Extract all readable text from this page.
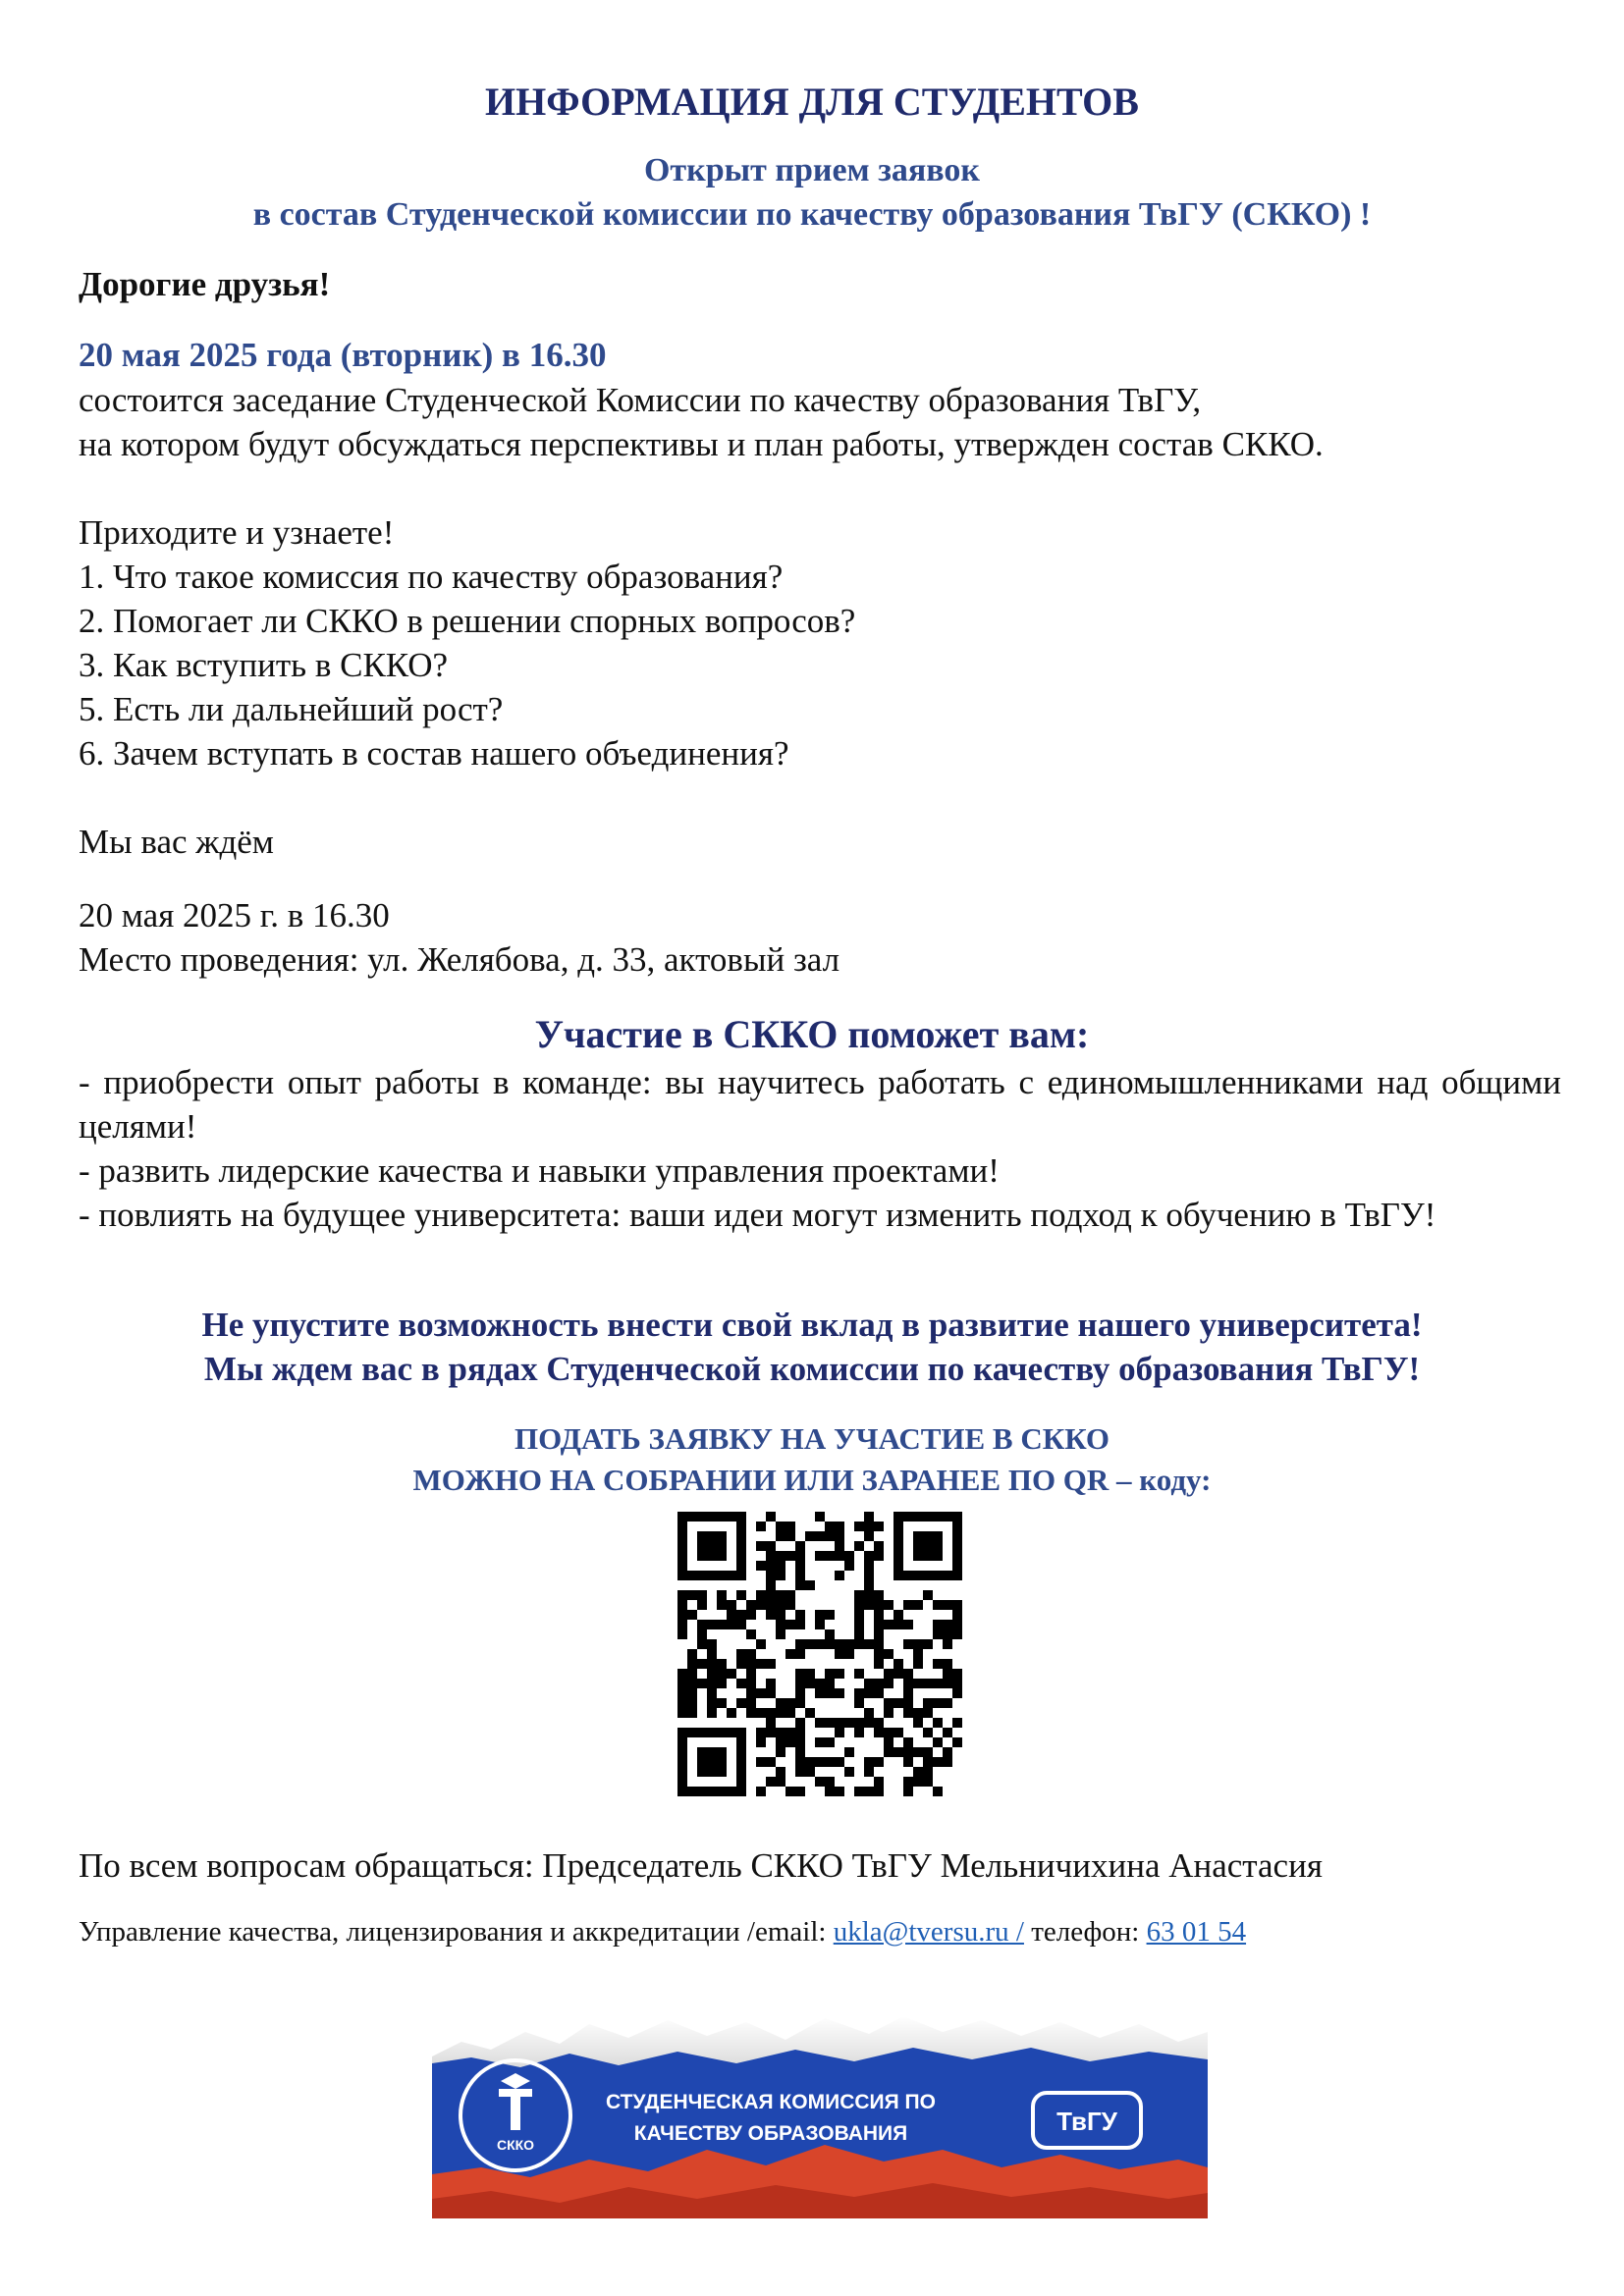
ИНФОРМАЦИЯ ДЛЯ СТУДЕНТОВ
Открыт прием заявок
в состав Студенческой комиссии по качеству образования ТвГУ (СККО) !
Дорогие друзья!
20 мая 2025 года (вторник) в 16.30
состоится заседание Студенческой Комиссии по качеству образования ТвГУ,
на котором будут обсуждаться перспективы и план работы, утвержден состав СККО.
Приходите и узнаете!
1. Что такое комиссия по качеству образования?
2. Помогает ли СККО в решении спорных вопросов?
3. Как вступить в СККО?
5. Есть ли дальнейший рост?
6. Зачем вступать в состав нашего объединения?
Мы вас ждём
20 мая 2025 г. в 16.30
Место проведения: ул. Желябова, д. 33, актовый зал
Участие в СККО поможет вам:
- приобрести опыт работы в команде: вы научитесь работать с единомышленниками над общими целями!
- развить лидерские качества и навыки управления проектами!
- повлиять на будущее университета: ваши идеи могут изменить подход к обучению в ТвГУ!
Не упустите возможность внести свой вклад в развитие нашего университета!
Мы ждем вас в рядах Студенческой комиссии по качеству образования ТвГУ!
ПОДАТЬ ЗАЯВКУ НА УЧАСТИЕ В СККО
МОЖНО НА СОБРАНИИ ИЛИ ЗАРАНЕЕ ПО QR – коду:
По всем вопросам обращаться: Председатель СККО ТвГУ Мельничихина Анастасия
Управление качества, лицензирования и аккредитации /email: ukla@tversu.ru / телефон: 63 01 54
СККО
СТУДЕНЧЕСКАЯ КОМИССИЯ ПО
КАЧЕСТВУ ОБРАЗОВАНИЯ	ТвГУ
